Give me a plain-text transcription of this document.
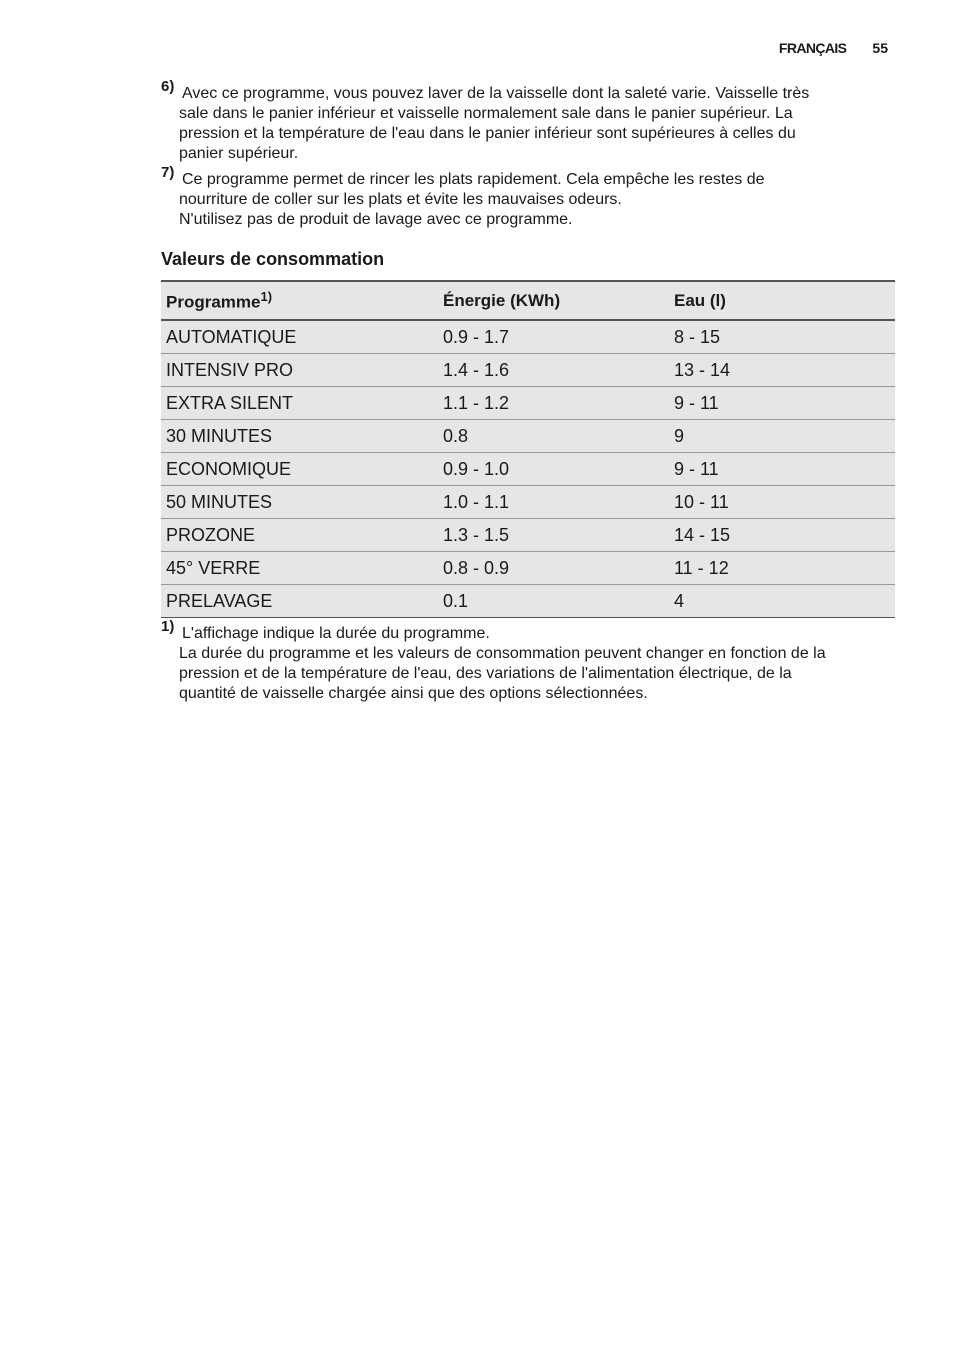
FRANÇAIS 55
6) Avec ce programme, vous pouvez laver de la vaisselle dont la saleté varie. Vaisselle très
sale dans le panier inférieur et vaisselle normalement sale dans le panier supérieur. La
pression et la température de l'eau dans le panier inférieur sont supérieures à celles du
panier supérieur.
7) Ce programme permet de rincer les plats rapidement. Cela empêche les restes de
nourriture de coller sur les plats et évite les mauvaises odeurs.
N'utilisez pas de produit de lavage avec ce programme.
Valeurs de consommation
Programme$^{1)}$	Énergie (KWh)	Eau (l)
AUTOMATIQUE	0.9 - 1.7	8 - 15
INTENSIV PRO	1.4 - 1.6	13 - 14
EXTRA SILENT	1.1 - 1.2	9 - 11
30 MINUTES	0.8	9
ECONOMIQUE	0.9 - 1.0	9 - 11
50 MINUTES	1.0 - 1.1	10 - 11
PROZONE	1.3 - 1.5	14 - 15
45° VERRE	0.8 - 0.9	11 - 12
PRELAVAGE	0.1	4
1) L'affichage indique la durée du programme.
La durée du programme et les valeurs de consommation peuvent changer en fonction de la
pression et de la température de l'eau, des variations de l'alimentation électrique, de la
quantité de vaisselle chargée ainsi que des options sélectionnées.
